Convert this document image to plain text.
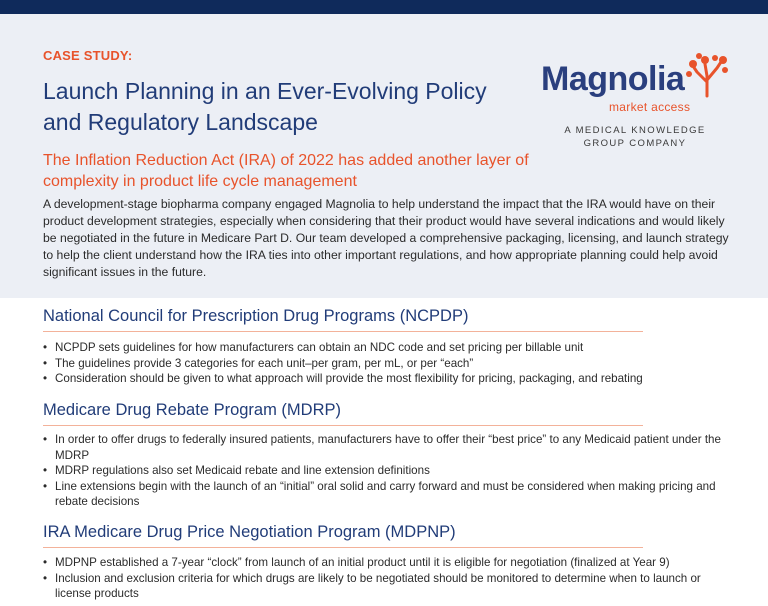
CASE STUDY:
Launch Planning in an Ever-Evolving Policy and Regulatory Landscape
The Inflation Reduction Act (IRA) of 2022 has added another layer of complexity in product life cycle management
A development-stage biopharma company engaged Magnolia to help understand the impact that the IRA would have on their product development strategies, especially when considering that their product would have several indications and would likely be negotiated in the future in Medicare Part D. Our team developed a comprehensive packaging, licensing, and launch strategy to help the client understand how the IRA ties into other important regulations, and how appropriate planning could help avoid significant issues in the future.
Magnolia
market access
A MEDICAL KNOWLEDGE
GROUP COMPANY
National Council for Prescription Drug Programs (NCPDP)
• NCPDP sets guidelines for how manufacturers can obtain an NDC code and set pricing per billable unit
• The guidelines provide 3 categories for each unit–per gram, per mL, or per “each”
• Consideration should be given to what approach will provide the most flexibility for pricing, packaging, and rebating
Medicare Drug Rebate Program (MDRP)
• In order to offer drugs to federally insured patients, manufacturers have to offer their “best price” to any Medicaid patient under the MDRP
• MDRP regulations also set Medicaid rebate and line extension definitions
• Line extensions begin with the launch of an “initial” oral solid and carry forward and must be considered when making pricing and rebate decisions
IRA Medicare Drug Price Negotiation Program (MDPNP)
• MDPNP established a 7-year “clock” from launch of an initial product until it is eligible for negotiation (finalized at Year 9)
• Inclusion and exclusion criteria for which drugs are likely to be negotiated should be monitored to determine when to launch or license products
